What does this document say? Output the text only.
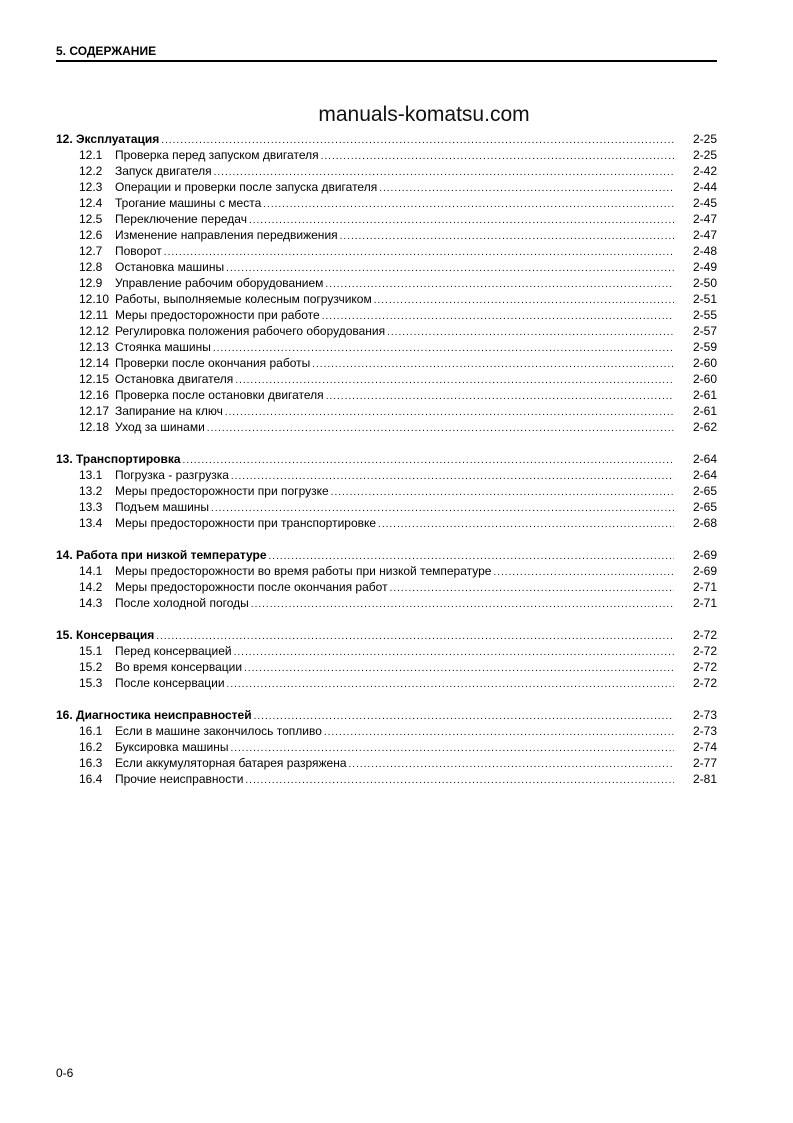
5. СОДЕРЖАНИЕ
manuals-komatsu.com
12. Эксплуатация .....	2-25
12.1	Проверка перед запуском двигателя .....	2-25
12.2	Запуск двигателя .....	2-42
12.3	Операции и проверки после запуска двигателя .....	2-44
12.4	Трогание машины с места .....	2-45
12.5	Переключение передач .....	2-47
12.6	Изменение направления передвижения .....	2-47
12.7	Поворот .....	2-48
12.8	Остановка машины .....	2-49
12.9	Управление рабочим оборудованием .....	2-50
12.10 Работы, выполняемые колесным погрузчиком .....	2-51
12.11 Меры предосторожности при работе .....	2-55
12.12 Регулировка положения рабочего оборудования .....	2-57
12.13 Стоянка машины .....	2-59
12.14 Проверки после окончания работы .....	2-60
12.15 Остановка двигателя .....	2-60
12.16 Проверка после остановки двигателя .....	2-61
12.17 Запирание на ключ .....	2-61
12.18 Уход за шинами .....	2-62
13. Транспортировка .....	2-64
13.1	Погрузка - разгрузка .....	2-64
13.2	Меры предосторожности при погрузке .....	2-65
13.3	Подъем машины .....	2-65
13.4	Меры предосторожности при транспортировке .....	2-68
14. Работа при низкой температуре .....	2-69
14.1	Меры предосторожности во время работы при низкой температуре .....	2-69
14.2	Меры предосторожности после окончания работ .....	2-71
14.3	После холодной погоды .....	2-71
15. Консервация .....	2-72
15.1	Перед консервацией .....	2-72
15.2	Во время консервации .....	2-72
15.3	После консервации .....	2-72
16. Диагностика неисправностей .....	2-73
16.1	Если в машине закончилось топливо .....	2-73
16.2	Буксировка машины .....	2-74
16.3	Если аккумуляторная батарея разряжена .....	2-77
16.4	Прочие неисправности .....	2-81
0-6
